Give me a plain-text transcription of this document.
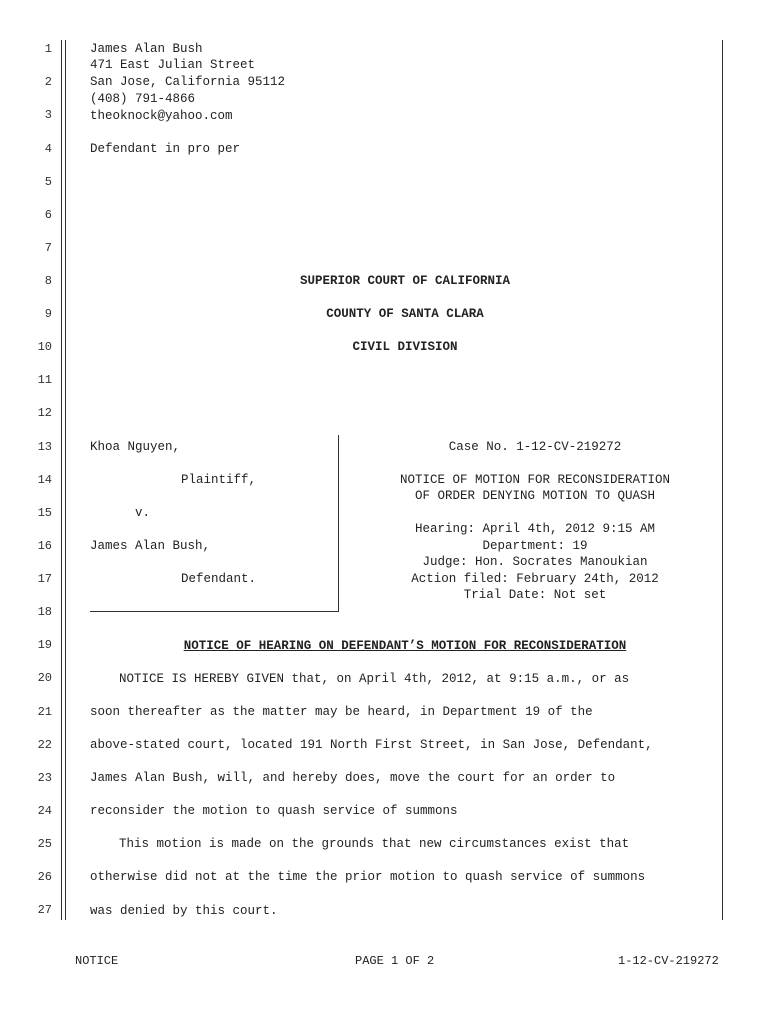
1
2
3
4
5
6
7
8
9
10
11
12
13
14
15
16
17
18
19
20
21
22
23
24
25
26
27
James Alan Bush
471 East Julian Street
San Jose, California 95112
(408) 791-4866
theoknock@yahoo.com
Defendant in pro per
SUPERIOR COURT OF CALIFORNIA
COUNTY OF SANTA CLARA
CIVIL DIVISION
Khoa Nguyen,
Plaintiff,
v.
James Alan Bush,
Defendant.
Case No. 1-12-CV-219272
NOTICE OF MOTION FOR RECONSIDERATION
OF ORDER DENYING MOTION TO QUASH
Hearing: April 4th, 2012 9:15 AM
Department: 19
Judge: Hon. Socrates Manoukian
Action filed: February 24th, 2012
Trial Date: Not set
NOTICE OF HEARING ON DEFENDANT’S MOTION FOR RECONSIDERATION
NOTICE IS HEREBY GIVEN that, on April 4th, 2012, at 9:15 a.m., or as
soon thereafter as the matter may be heard, in Department 19 of the
above-stated court, located 191 North First Street, in San Jose, Defendant,
James Alan Bush, will, and hereby does, move the court for an order to
reconsider the motion to quash service of summons
This motion is made on the grounds that new circumstances exist that
otherwise did not at the time the prior motion to quash service of summons
was denied by this court.
NOTICE	PAGE 1 OF 2	1-12-CV-219272
